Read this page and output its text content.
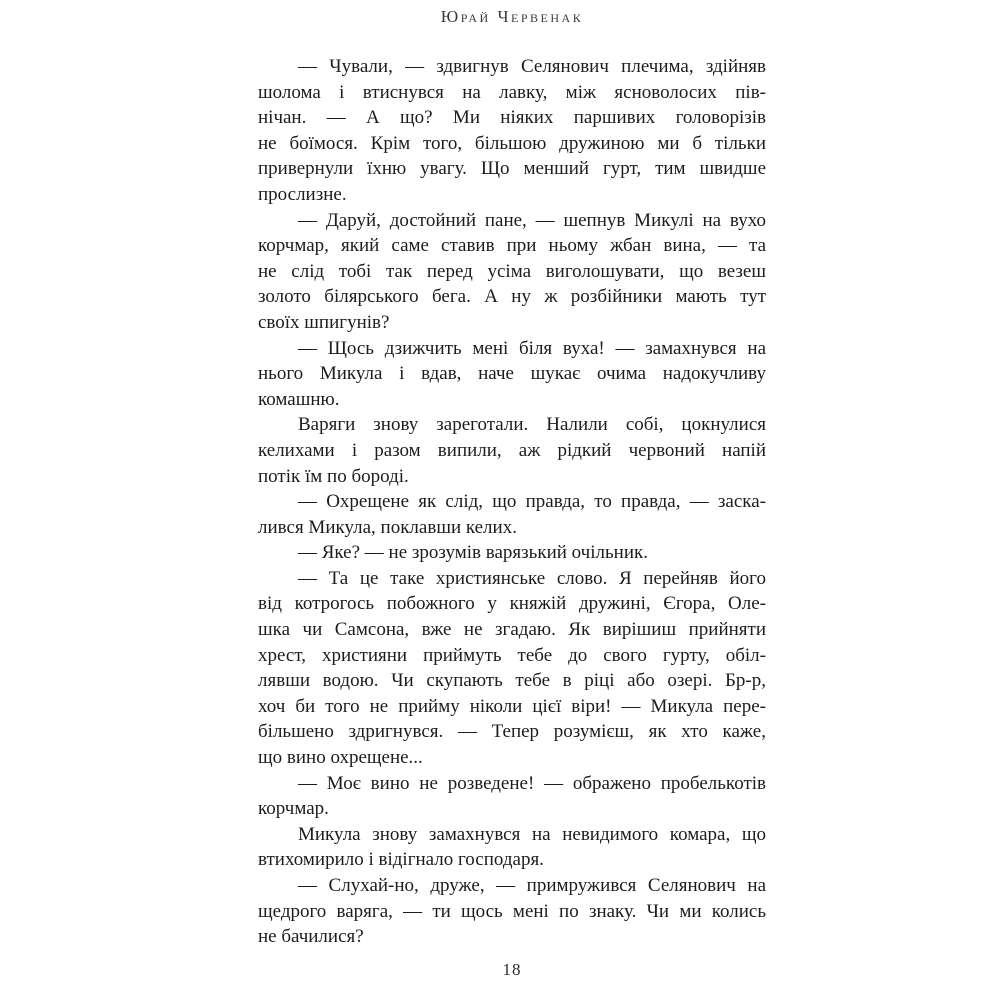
Юрай Червенак
— Чували, — здвигнув Селянович плечима, здійняв
шолома і втиснувся на лавку, між ясноволосих пів-
нічан. — А що? Ми ніяких паршивих головорізів
не боїмося. Крім того, більшою дружиною ми б тільки
привернули їхню увагу. Що менший гурт, тим швидше
прослизне.
— Даруй, достойний пане, — шепнув Микулі на вухо
корчмар, який саме ставив при ньому жбан вина, — та
не слід тобі так перед усіма виголошувати, що везеш
золото білярського бега. А ну ж розбійники мають тут
своїх шпигунів?
— Щось дзижчить мені біля вуха! — замахнувся на
нього Микула і вдав, наче шукає очима надокучливу
комашню.
Варяги знову зареготали. Налили собі, цокнулися
келихами і разом випили, аж рідкий червоний напій
потік їм по бороді.
— Охрещене як слід, що правда, то правда, — заска-
лився Микула, поклавши келих.
— Яке? — не зрозумів варязький очільник.
— Та це таке християнське слово. Я перейняв його
від котрогось побожного у княжій дружині, Єгора, Оле-
шка чи Самсона, вже не згадаю. Як вирішиш прийняти
хрест, християни приймуть тебе до свого гурту, обіл-
лявши водою. Чи скупають тебе в ріці або озері. Бр-р,
хоч би того не прийму ніколи цієї віри! — Микула пере-
більшено здригнувся. — Тепер розумієш, як хто каже,
що вино охрещене...
— Моє вино не розведене! — ображено пробелькотів
корчмар.
Микула знову замахнувся на невидимого комара, що
втихомирило і відігнало господаря.
— Слухай-но, друже, — примружився Селянович на
щедрого варяга, — ти щось мені по знаку. Чи ми колись
не бачилися?
18
